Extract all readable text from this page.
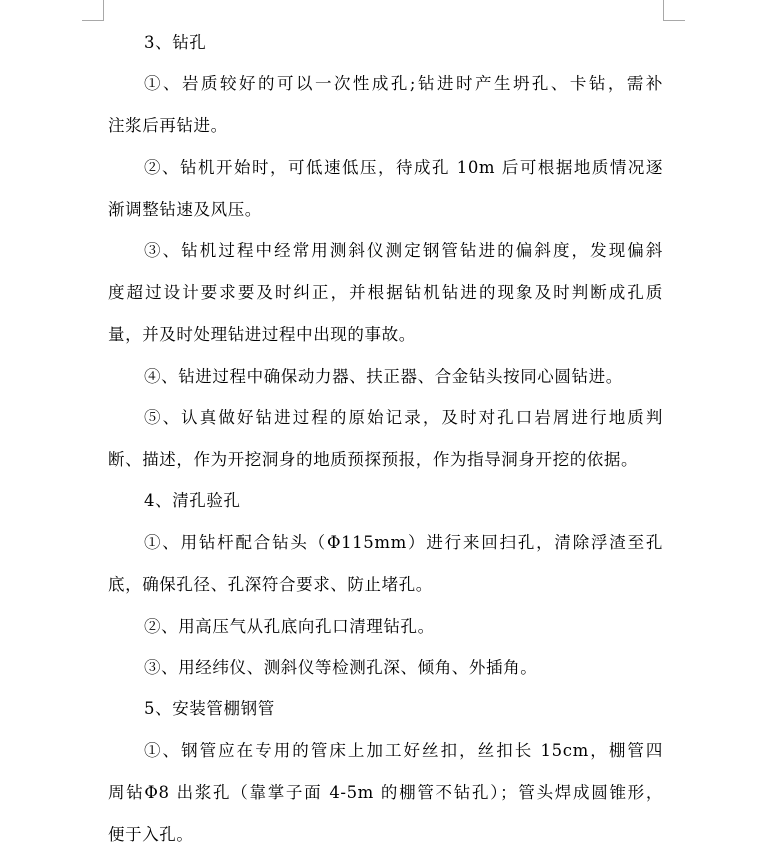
3、钻孔
①、岩质较好的可以一次性成孔;钻进时产生坍孔、卡钻，需补
注浆后再钻进。
②、钻机开始时，可低速低压，待成孔 10m 后可根据地质情况逐
渐调整钻速及风压。
③、钻机过程中经常用测斜仪测定钢管钻进的偏斜度，发现偏斜
度超过设计要求要及时纠正，并根据钻机钻进的现象及时判断成孔质
量，并及时处理钻进过程中出现的事故。
④、钻进过程中确保动力器、扶正器、合金钻头按同心圆钻进。
⑤、认真做好钻进过程的原始记录，及时对孔口岩屑进行地质判
断、描述，作为开挖洞身的地质预探预报，作为指导洞身开挖的依据。
4、清孔验孔
①、用钻杆配合钻头（Φ115mm）进行来回扫孔，清除浮渣至孔
底，确保孔径、孔深符合要求、防止堵孔。
②、用高压气从孔底向孔口清理钻孔。
③、用经纬仪、测斜仪等检测孔深、倾角、外插角。
5、安装管棚钢管
①、钢管应在专用的管床上加工好丝扣，丝扣长 15cm，棚管四
周钻Φ8 出浆孔（靠掌子面 4-5m 的棚管不钻孔）；管头焊成圆锥形，
便于入孔。
